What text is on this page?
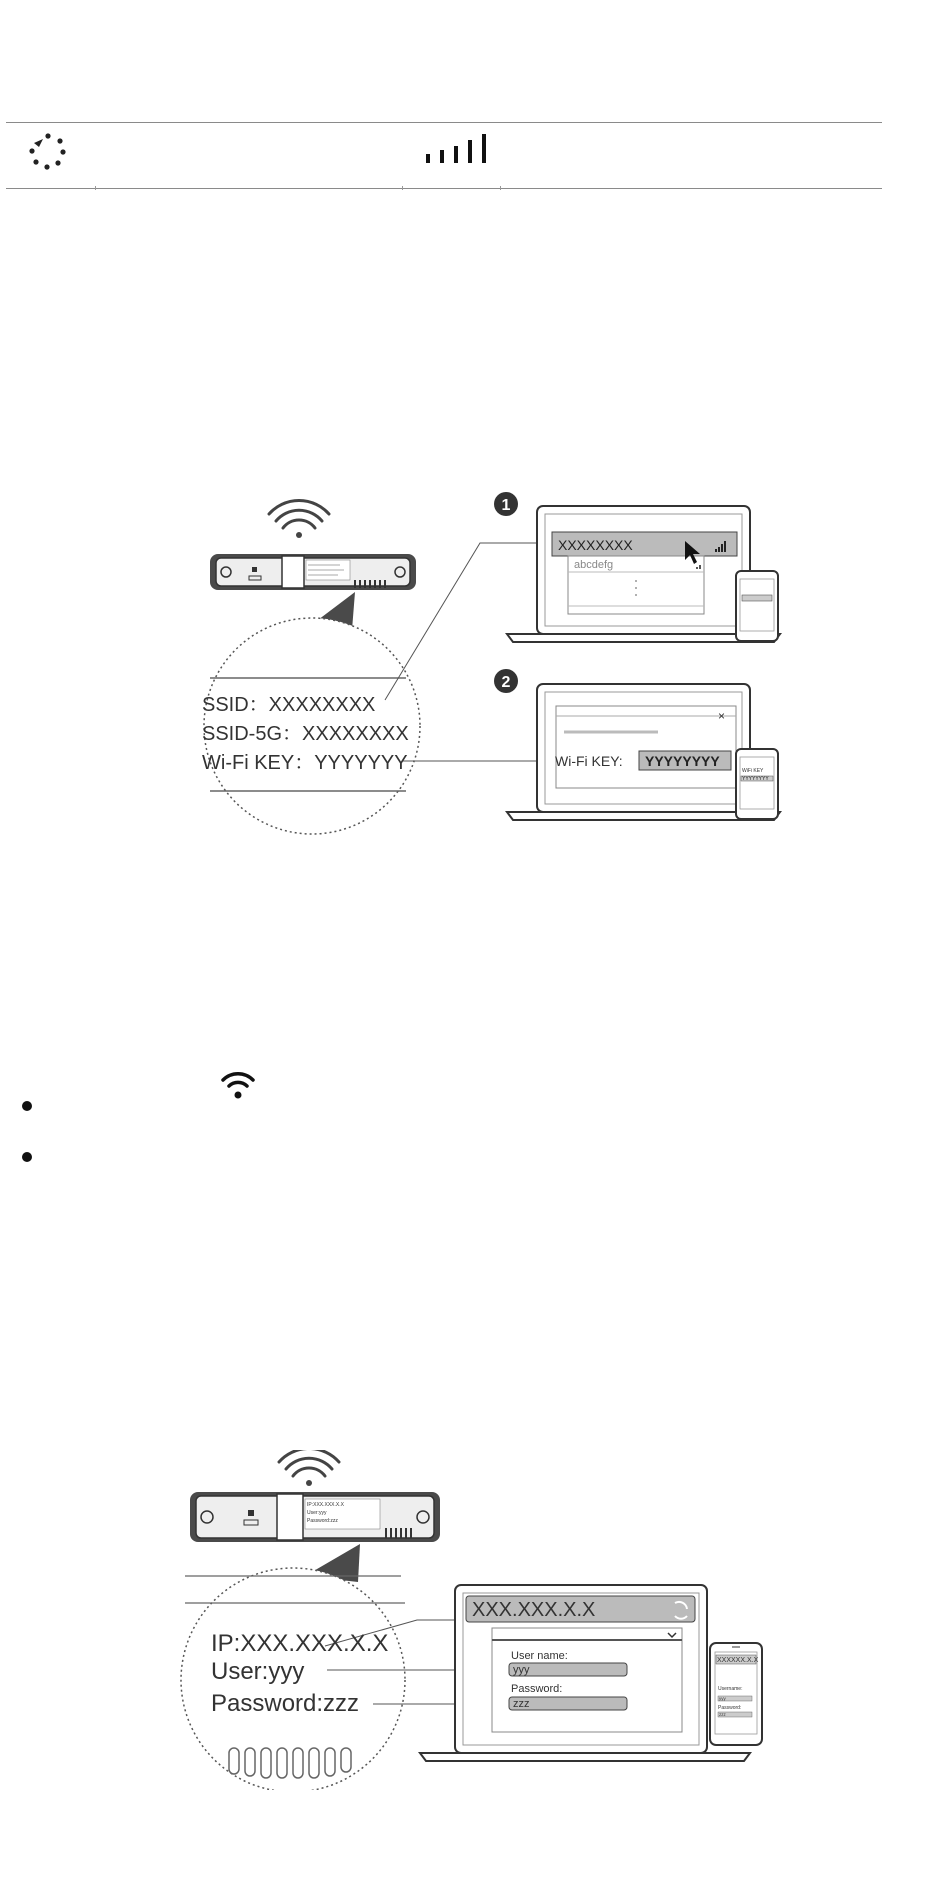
SSID：XXXXXXXX
SSID-5G：XXXXXXXX
Wi-Fi KEY：YYYYYYY
1
2
XXXXXXXX
abcdefg
×
Wi-Fi KEY: YYYYYYYY
WiFi KEY
YYYYYYYY
IP:XXX.XXX.X.X
User:yyy
Password:zzz
IP:XXX.XXX.X.X
User:yyy
Password:zzz
XXX.XXX.X.X
User name:
yyy
Password:
zzz
XXXXXX.X.X
Username:
yyy
Password:
zzz
